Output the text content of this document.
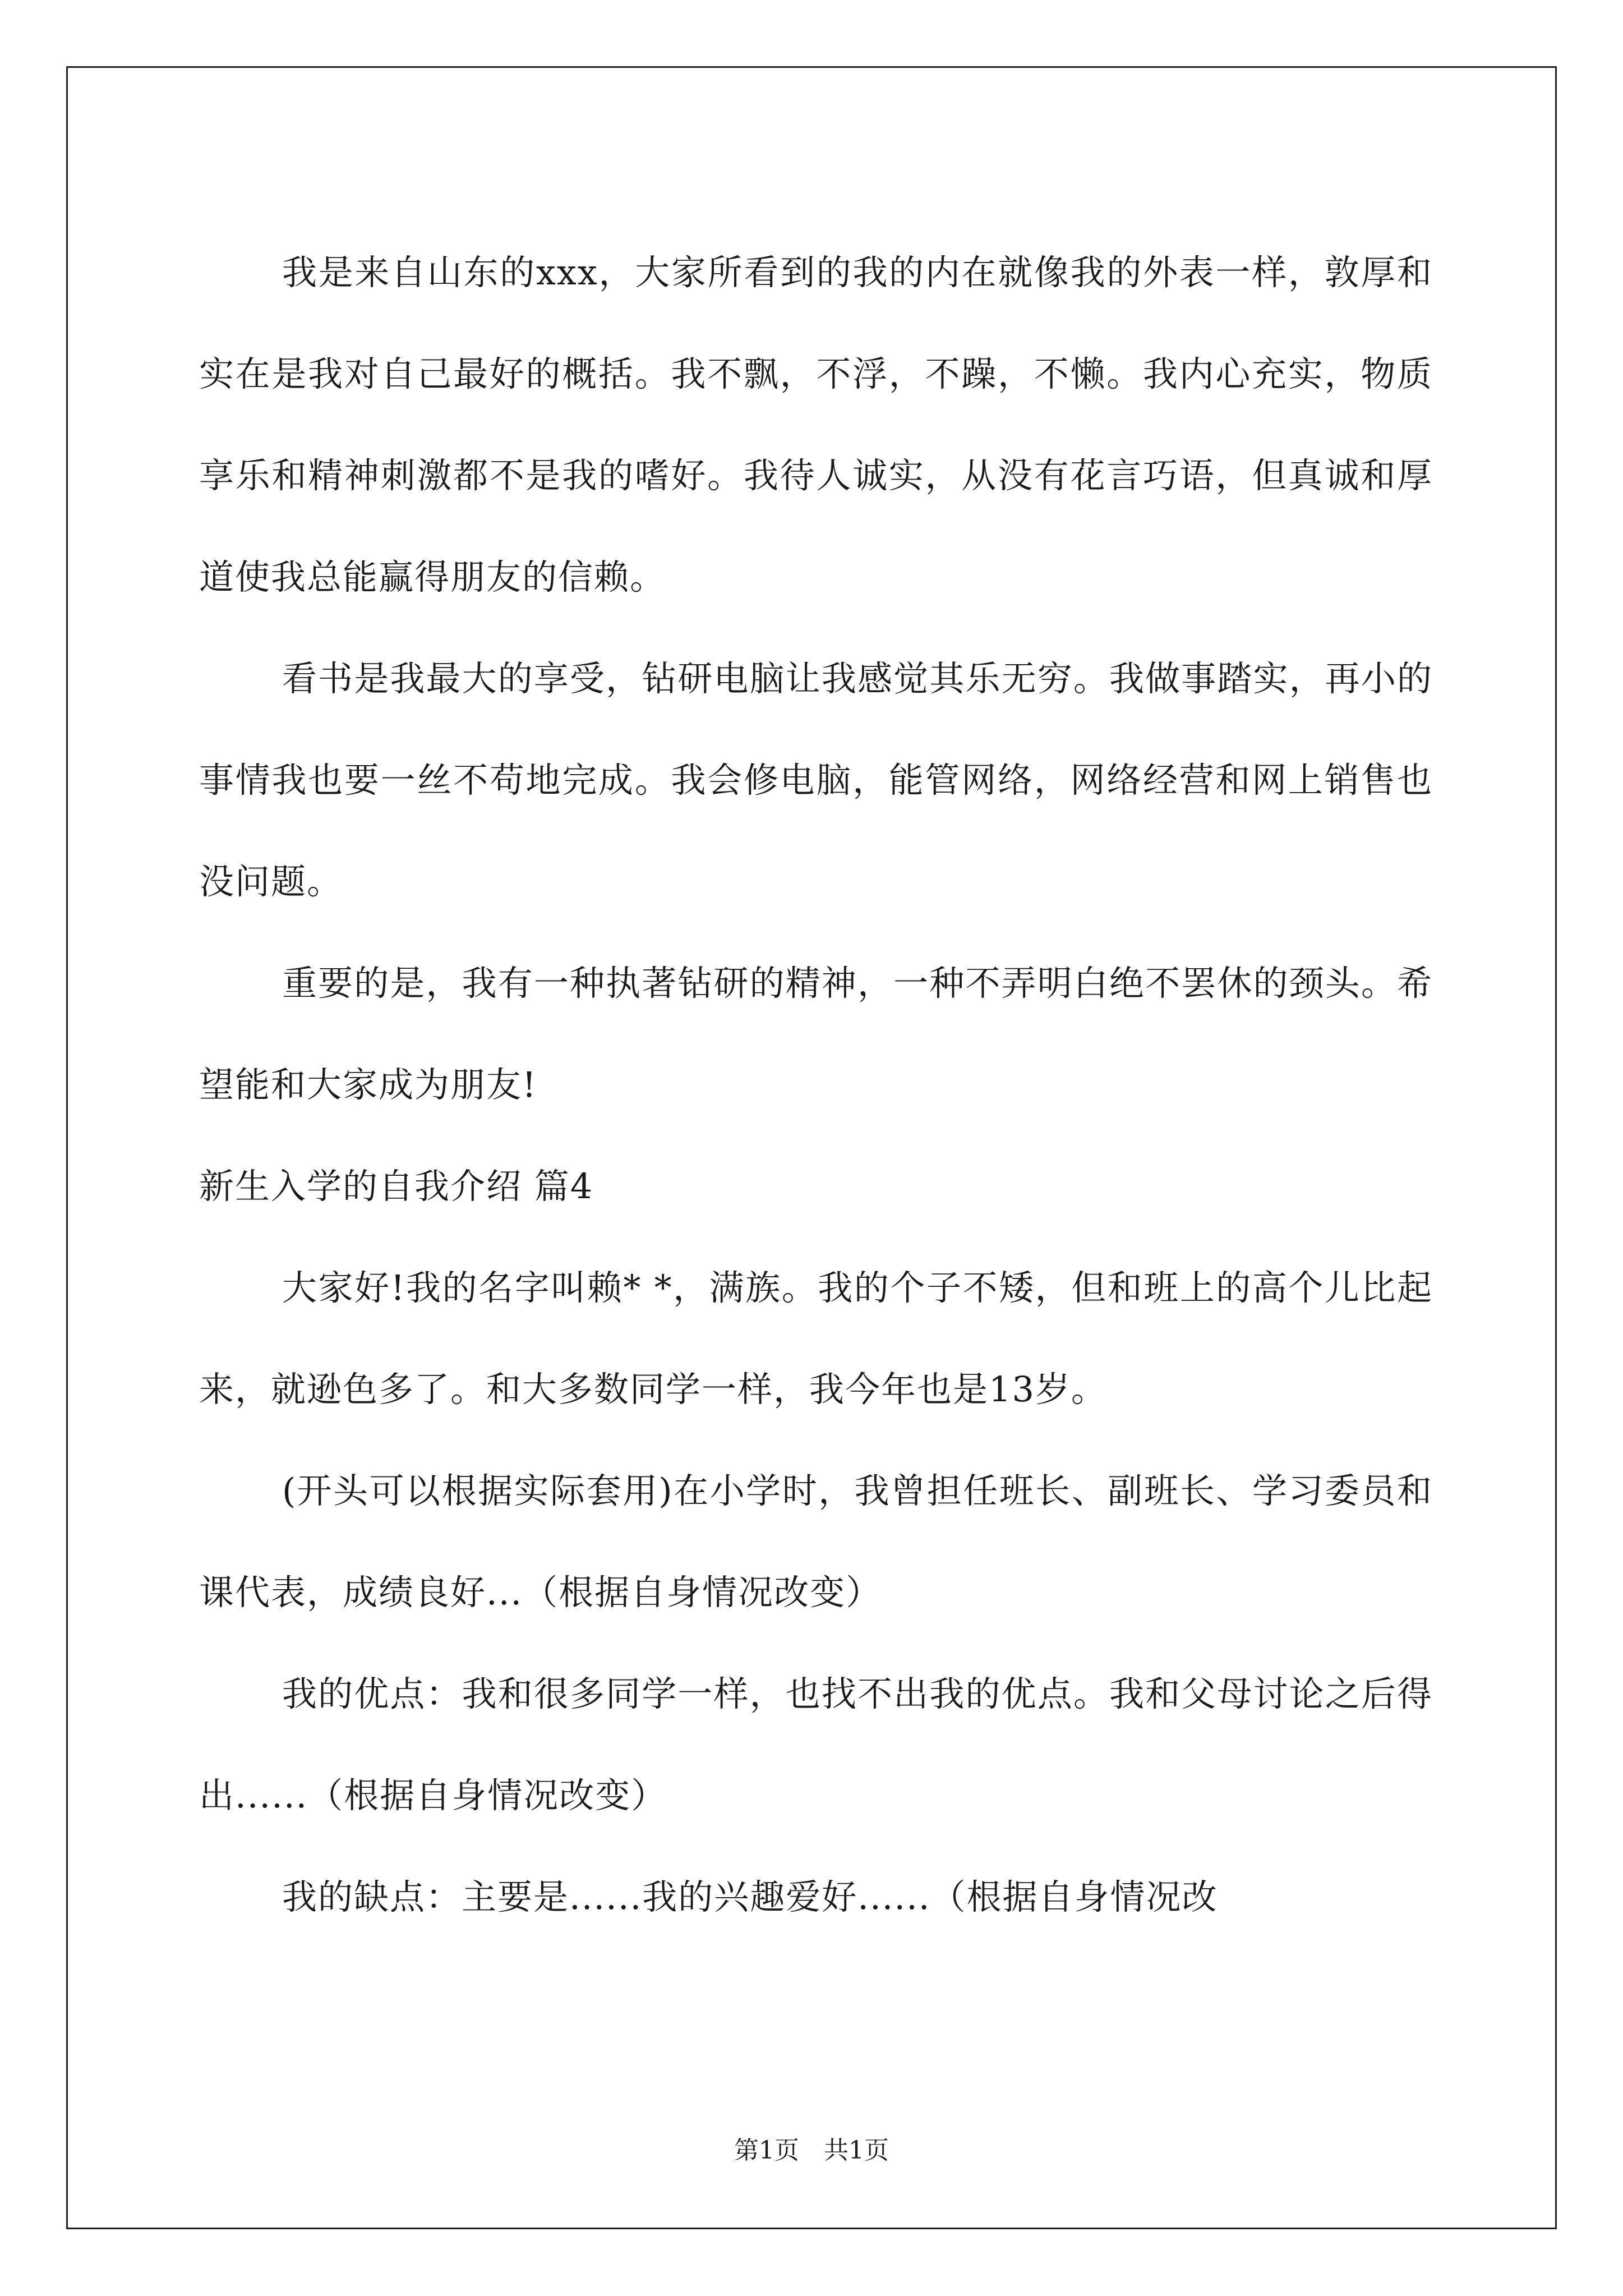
我是来自山东的xxx，大家所看到的我的内在就像我的外表一样，敦厚和实在是我对自己最好的概括。我不飘，不浮，不躁，不懒。我内心充实，物质享乐和精神刺激都不是我的嗜好。我待人诚实，从没有花言巧语，但真诚和厚道使我总能赢得朋友的信赖。

看书是我最大的享受，钻研电脑让我感觉其乐无穷。我做事踏实，再小的事情我也要一丝不苟地完成。我会修电脑，能管网络，网络经营和网上销售也没问题。

重要的是，我有一种执著钻研的精神，一种不弄明白绝不罢休的颈头。希望能和大家成为朋友!

新生入学的自我介绍 篇4

大家好!我的名字叫赖* *，满族。我的个子不矮，但和班上的高个儿比起来，就逊色多了。和大多数同学一样，我今年也是13岁。

(开头可以根据实际套用)在小学时，我曾担任班长、副班长、学习委员和课代表，成绩良好...（根据自身情况改变）

我的优点：我和很多同学一样，也找不出我的优点。我和父母讨论之后得出......（根据自身情况改变）

我的缺点：主要是......我的兴趣爱好......（根据自身情况改

第1页　共1页
